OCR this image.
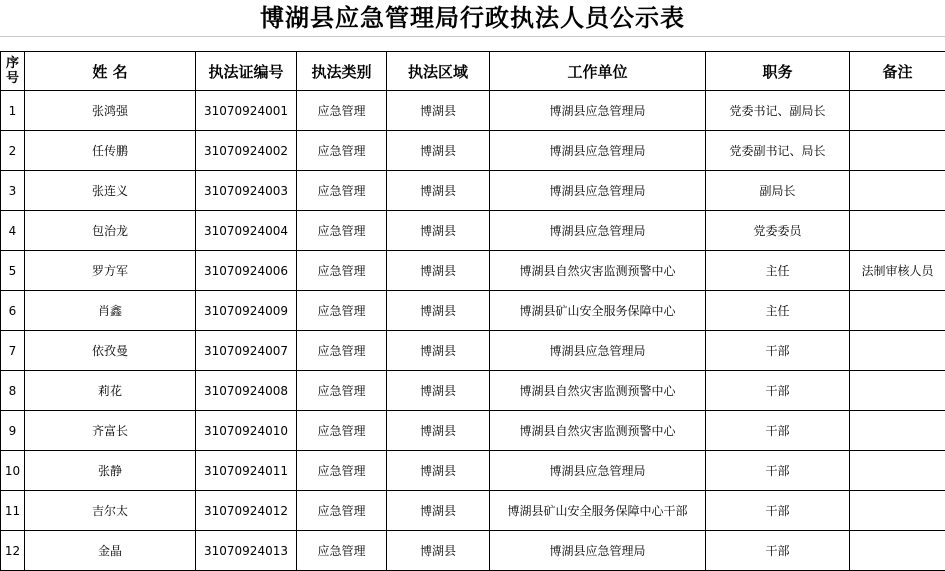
博湖县应急管理局行政执法人员公示表
序号	姓 名	执法证编号	执法类别	执法区域	工作单位	职务	备注
1	张鸿强	31070924001	应急管理	博湖县	博湖县应急管理局	党委书记、副局长	
2	任传鹏	31070924002	应急管理	博湖县	博湖县应急管理局	党委副书记、局长	
3	张连义	31070924003	应急管理	博湖县	博湖县应急管理局	副局长	
4	包治龙	31070924004	应急管理	博湖县	博湖县应急管理局	党委委员	
5	罗方军	31070924006	应急管理	博湖县	博湖县自然灾害监测预警中心	主任	法制审核人员
6	肖鑫	31070924009	应急管理	博湖县	博湖县矿山安全服务保障中心	主任	
7	依孜曼	31070924007	应急管理	博湖县	博湖县应急管理局	干部	
8	莉花	31070924008	应急管理	博湖县	博湖县自然灾害监测预警中心	干部	
9	齐富长	31070924010	应急管理	博湖县	博湖县自然灾害监测预警中心	干部	
10	张静	31070924011	应急管理	博湖县	博湖县应急管理局	干部	
11	吉尔太	31070924012	应急管理	博湖县	博湖县矿山安全服务保障中心干部	干部	
12	金晶	31070924013	应急管理	博湖县	博湖县应急管理局	干部	
